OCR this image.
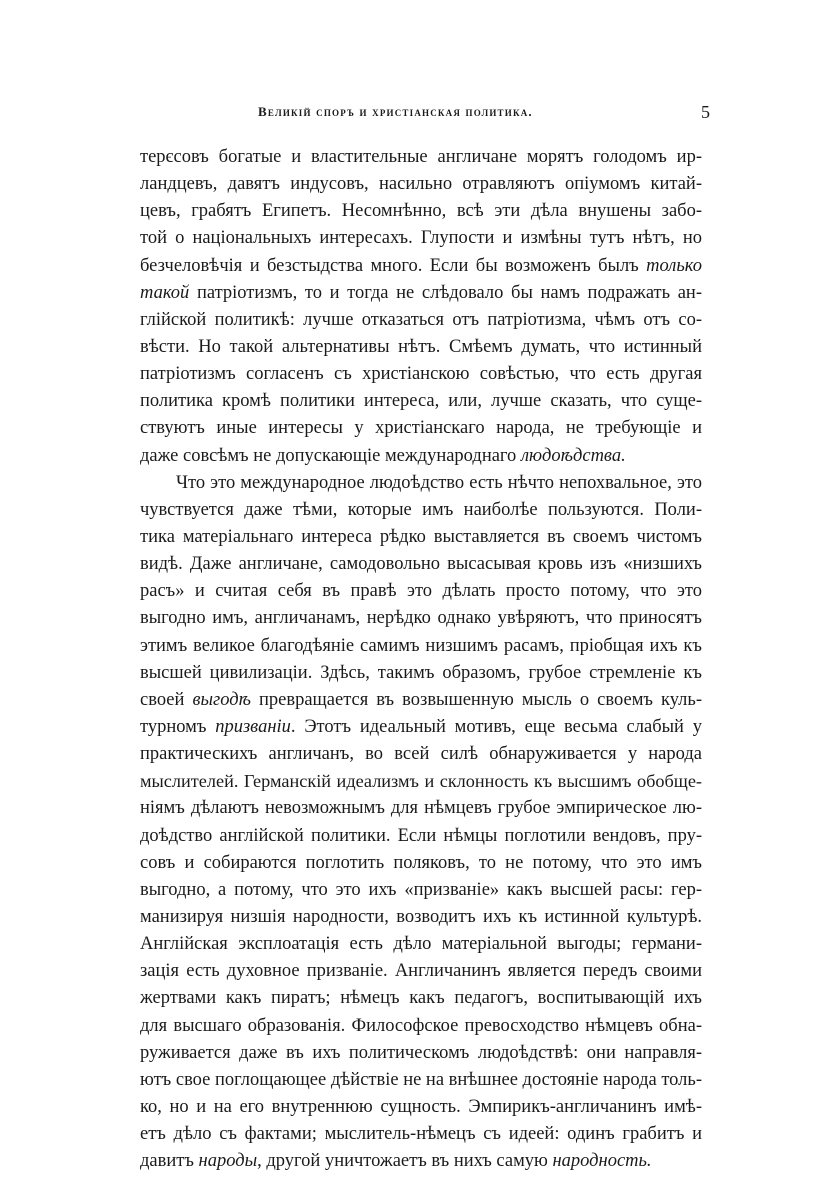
Великій споръ и христіанская политика.	5
терєсовъ богатые и властительные англичане морятъ голодомъ ир-
ландцевъ, давятъ индусовъ, насильно отравляютъ опіумомъ китай-
цевъ, грабятъ Египетъ. Несомнѣнно, всѣ эти дѣла внушены забо-
той о національныхъ интересахъ. Глупости и измѣны тутъ нѣтъ, но
безчеловѣчія и безстыдства много. Если бы возможенъ былъ только
такой патріотизмъ, то и тогда не слѣдовало бы намъ подражать ан-
глійской политикѣ: лучше отказаться отъ патріотизма, чѣмъ отъ со-
вѣсти. Но такой альтернативы нѣтъ. Смѣемъ думать, что истинный
патріотизмъ согласенъ съ христіанскою совѣстью, что есть другая
политика кромѣ политики интереса, или, лучше сказать, что суще-
ствуютъ иные интересы у христіанскаго народа, не требующіе и
даже совсѣмъ не допускающіе международнаго людоѣдства.
Что это международное людоѣдство есть нѣчто непохвальное, это
чувствуется даже тѣми, которые имъ наиболѣе пользуются. Поли-
тика матеріальнаго интереса рѣдко выставляется въ своемъ чистомъ
видѣ. Даже англичане, самодовольно высасывая кровь изъ «низшихъ
расъ» и считая себя въ правѣ это дѣлать просто потому, что это
выгодно имъ, англичанамъ, нерѣдко однако увѣряютъ, что приносятъ
этимъ великое благодѣяніе самимъ низшимъ расамъ, пріобщая ихъ къ
высшей цивилизаціи. Здѣсь, такимъ образомъ, грубое стремленіе къ
своей выгодѣ превращается въ возвышенную мысль о своемъ куль-
турномъ призваніи. Этотъ идеальный мотивъ, еще весьма слабый у
практическихъ англичанъ, во всей силѣ обнаруживается у народа
мыслителей. Германскій идеализмъ и склонность къ высшимъ обобще-
ніямъ дѣлаютъ невозможнымъ для нѣмцевъ грубое эмпирическое лю-
доѣдство англійской политики. Если нѣмцы поглотили вендовъ, пру-
совъ и собираются поглотить поляковъ, то не потому, что это имъ
выгодно, а потому, что это ихъ «призваніе» какъ высшей расы: гер-
манизируя низшія народности, возводитъ ихъ къ истинной культурѣ.
Англійская эксплоатація есть дѣло матеріальной выгоды; германи-
зація есть духовное призваніе. Англичанинъ является передъ своими
жертвами какъ пиратъ; нѣмецъ какъ педагогъ, воспитывающій ихъ
для высшаго образованія. Философское превосходство нѣмцевъ обна-
руживается даже въ ихъ политическомъ людоѣдствѣ: они направля-
ютъ свое поглощающее дѣйствіе не на внѣшнее достояніе народа толь-
ко, но и на его внутреннюю сущность. Эмпирикъ-англичанинъ имѣ-
етъ дѣло съ фактами; мыслитель-нѣмецъ съ идеей: одинъ грабитъ и
давитъ народы, другой уничтожаетъ въ нихъ самую народность.
